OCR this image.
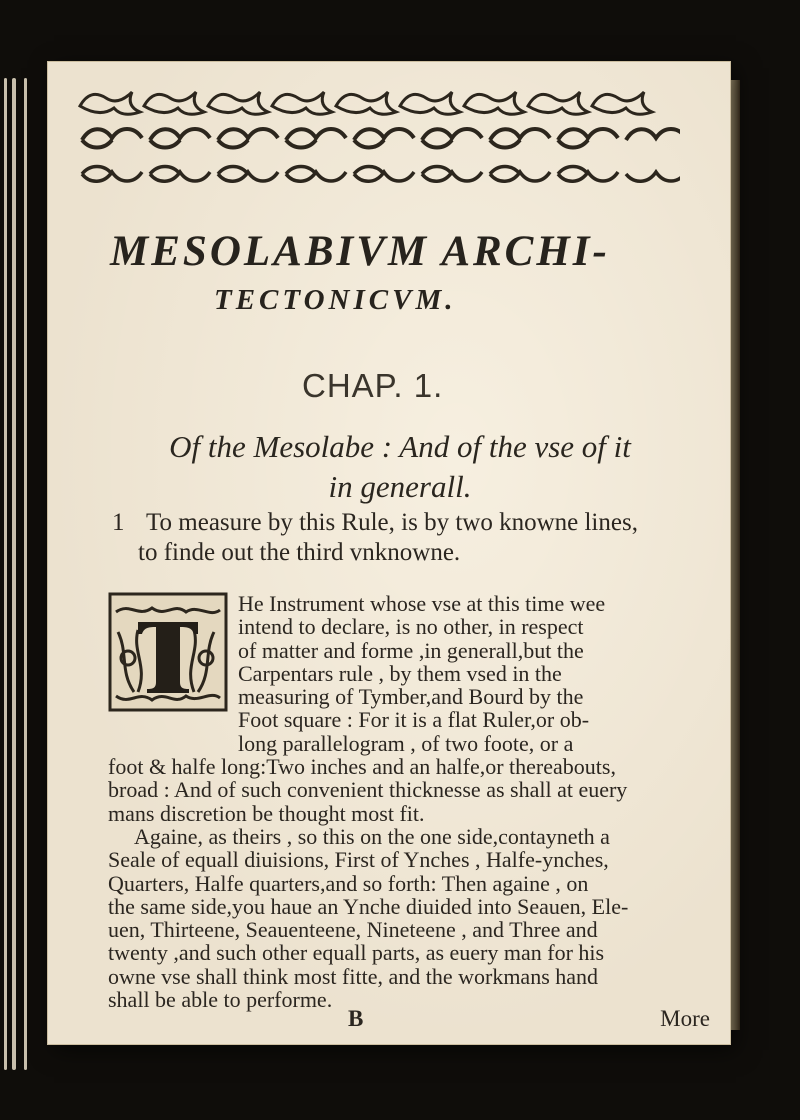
MESOLABIVM ARCHI-
TECTONICVM.
CHAP. 1.
Of the Mesolabe : And of the vse of it
in generall.

1 To measure by this Rule, is by two knowne lines,
to finde out the third vnknowne.

He Instrument whose vse at this time wee
intend to declare, is no other, in respect
of matter and forme ,in generall,but the
Carpentars rule , by them vsed in the
measuring of Tymber,and Bourd by the
Foot square : For it is a flat Ruler,or ob-
long parallelogram , of two foote, or a
foot & halfe long:Two inches and an halfe,or thereabouts,
broad : And of such convenient thicknesse as shall at euery
mans discretion be thought most fit.
Againe, as theirs , so this on the one side,contayneth a
Seale of equall diuisions, First of Ynches , Halfe-ynches,
Quarters, Halfe quarters,and so forth: Then againe , on
the same side,you haue an Ynche diuided into Seauen, Ele-
uen, Thirteene, Seauenteene, Nineteene , and Three and
twenty ,and such other equall parts, as euery man for his
owne vse shall think most fitte, and the workmans hand
shall be able to performe.
B	More
